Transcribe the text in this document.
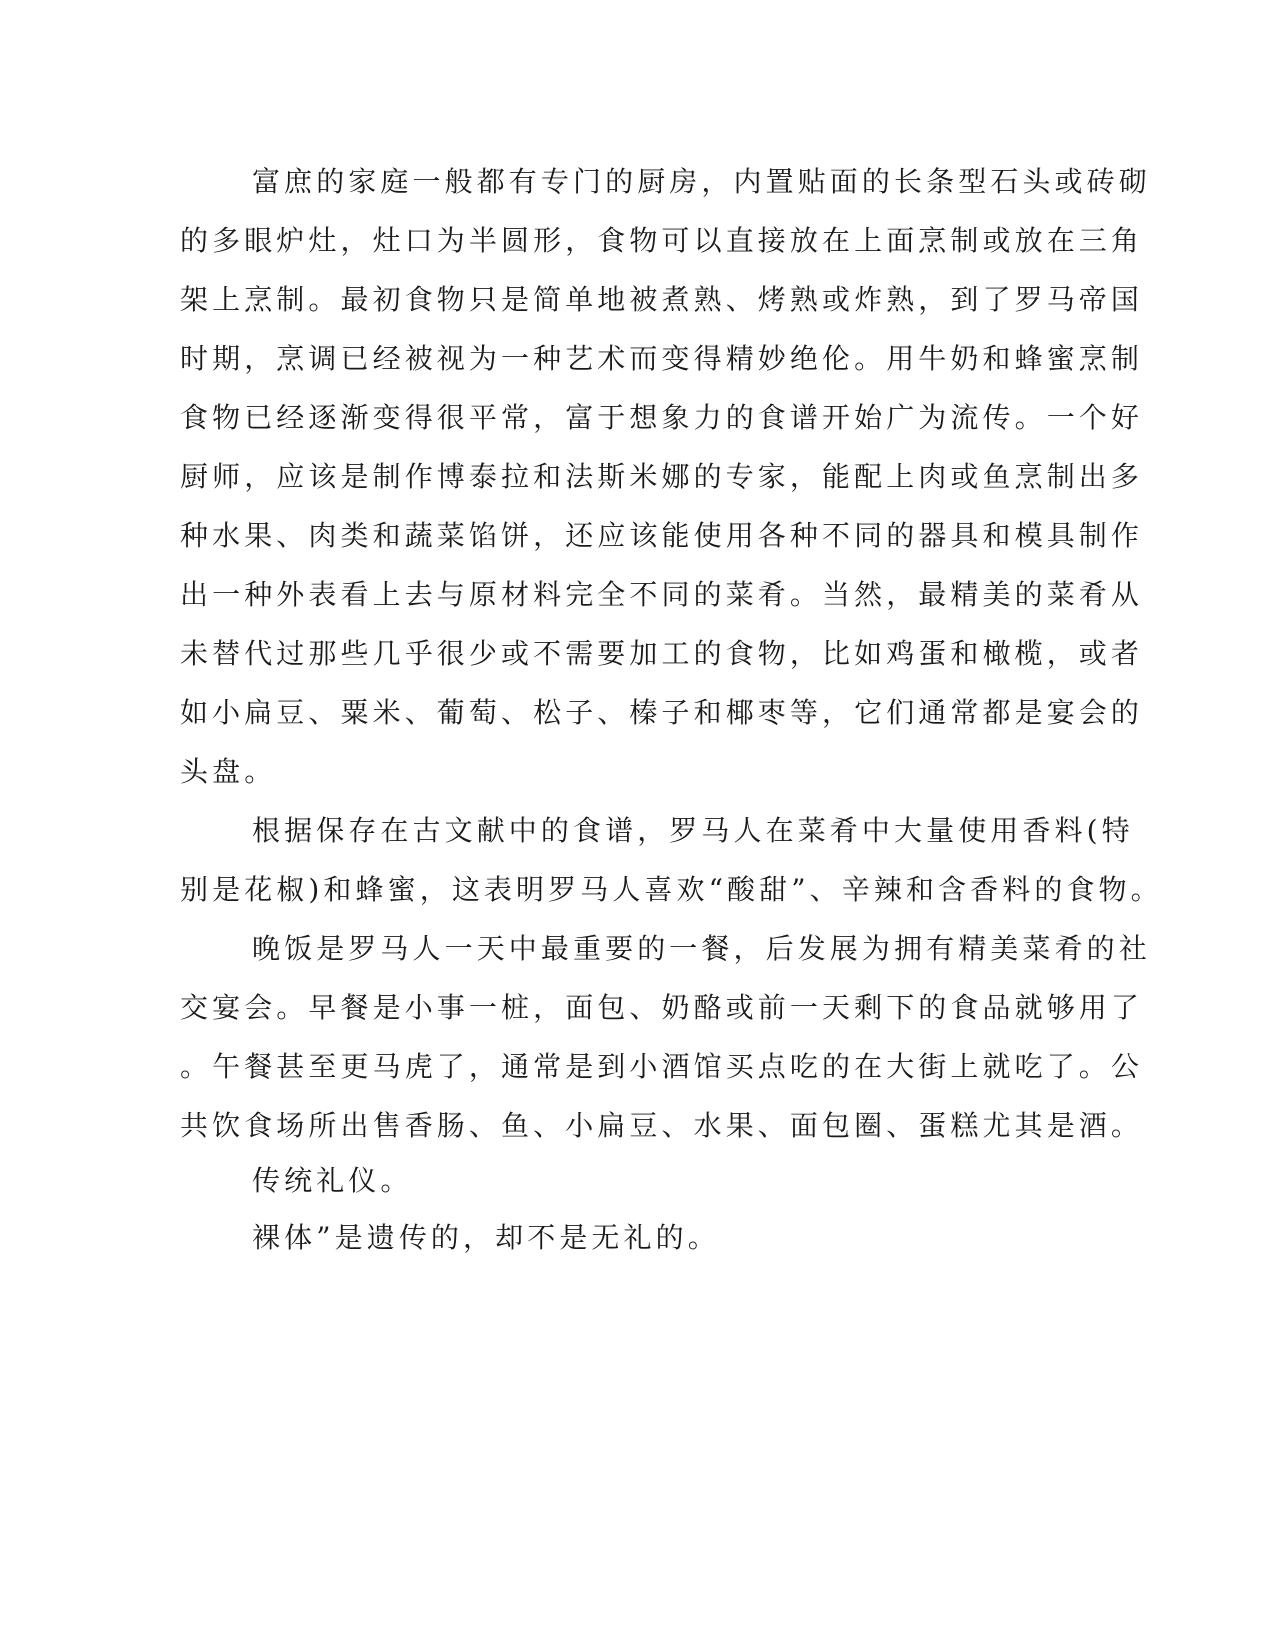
富庶的家庭一般都有专门的厨房，内置贴面的长条型石头或砖砌
的多眼炉灶，灶口为半圆形，食物可以直接放在上面烹制或放在三角
架上烹制。最初食物只是简单地被煮熟、烤熟或炸熟，到了罗马帝国
时期，烹调已经被视为一种艺术而变得精妙绝伦。用牛奶和蜂蜜烹制
食物已经逐渐变得很平常，富于想象力的食谱开始广为流传。一个好
厨师，应该是制作博泰拉和法斯米娜的专家，能配上肉或鱼烹制出多
种水果、肉类和蔬菜馅饼，还应该能使用各种不同的器具和模具制作
出一种外表看上去与原材料完全不同的菜肴。当然，最精美的菜肴从
未替代过那些几乎很少或不需要加工的食物，比如鸡蛋和橄榄，或者
如小扁豆、粟米、葡萄、松子、榛子和椰枣等，它们通常都是宴会的
头盘。
根据保存在古文献中的食谱，罗马人在菜肴中大量使用香料(特
别是花椒)和蜂蜜，这表明罗马人喜欢“酸甜”、辛辣和含香料的食物。
晚饭是罗马人一天中最重要的一餐，后发展为拥有精美菜肴的社
交宴会。早餐是小事一桩，面包、奶酪或前一天剩下的食品就够用了
。午餐甚至更马虎了，通常是到小酒馆买点吃的在大街上就吃了。公
共饮食场所出售香肠、鱼、小扁豆、水果、面包圈、蛋糕尤其是酒。
传统礼仪。
裸体”是遗传的，却不是无礼的。
